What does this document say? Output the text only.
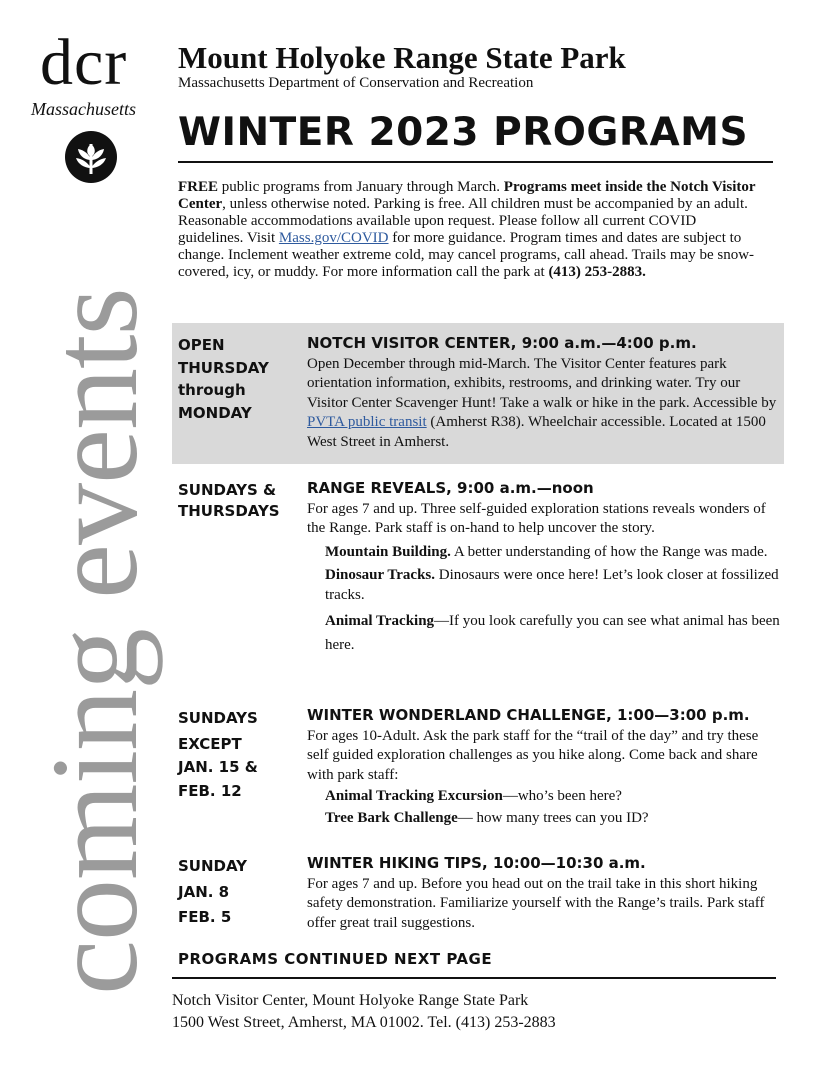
dcr
Massachusetts
coming events
Mount Holyoke Range State Park
Massachusetts Department of Conservation and Recreation
WINTER 2023 PROGRAMS

FREE public programs from January through March. Programs meet inside the Notch Visitor Center, unless otherwise noted. Parking is free. All children must be accompanied by an adult. Reasonable accommodations available upon request. Please follow all current COVID guidelines. Visit Mass.gov/COVID for more guidance. Program times and dates are subject to change. Inclement weather extreme cold, may cancel programs, call ahead. Trails may be snow-covered, icy, or muddy. For more information call the park at (413) 253-2883.

OPEN
THURSDAY
through
MONDAY
NOTCH VISITOR CENTER, 9:00 a.m.—4:00 p.m.
Open December through mid-March. The Visitor Center features park orientation information, exhibits, restrooms, and drinking water. Try our Visitor Center Scavenger Hunt! Take a walk or hike in the park. Accessible by PVTA public transit (Amherst R38). Wheelchair accessible. Located at 1500 West Street in Amherst.
SUNDAYS &
THURSDAYS
RANGE REVEALS, 9:00 a.m.—noon
For ages 7 and up. Three self-guided exploration stations reveals wonders of the Range. Park staff is on-hand to help uncover the story.
Mountain Building. A better understanding of how the Range was made.
Dinosaur Tracks. Dinosaurs were once here! Let’s look closer at fossilized tracks.
Animal Tracking—If you look carefully you can see what animal has been here.
SUNDAYS
EXCEPT
JAN. 15 &
FEB. 12
WINTER WONDERLAND CHALLENGE, 1:00—3:00 p.m.
For ages 10-Adult. Ask the park staff for the “trail of the day” and try these self guided exploration challenges as you hike along. Come back and share with park staff:
Animal Tracking Excursion—who’s been here?
Tree Bark Challenge— how many trees can you ID?
SUNDAY
JAN. 8
FEB. 5
WINTER HIKING TIPS, 10:00—10:30 a.m.
For ages 7 and up. Before you head out on the trail take in this short hiking safety demonstration. Familiarize yourself with the Range’s trails. Park staff offer great trail suggestions.
PROGRAMS CONTINUED NEXT PAGE
Notch Visitor Center, Mount Holyoke Range State Park
1500 West Street, Amherst, MA 01002. Tel. (413) 253-2883
